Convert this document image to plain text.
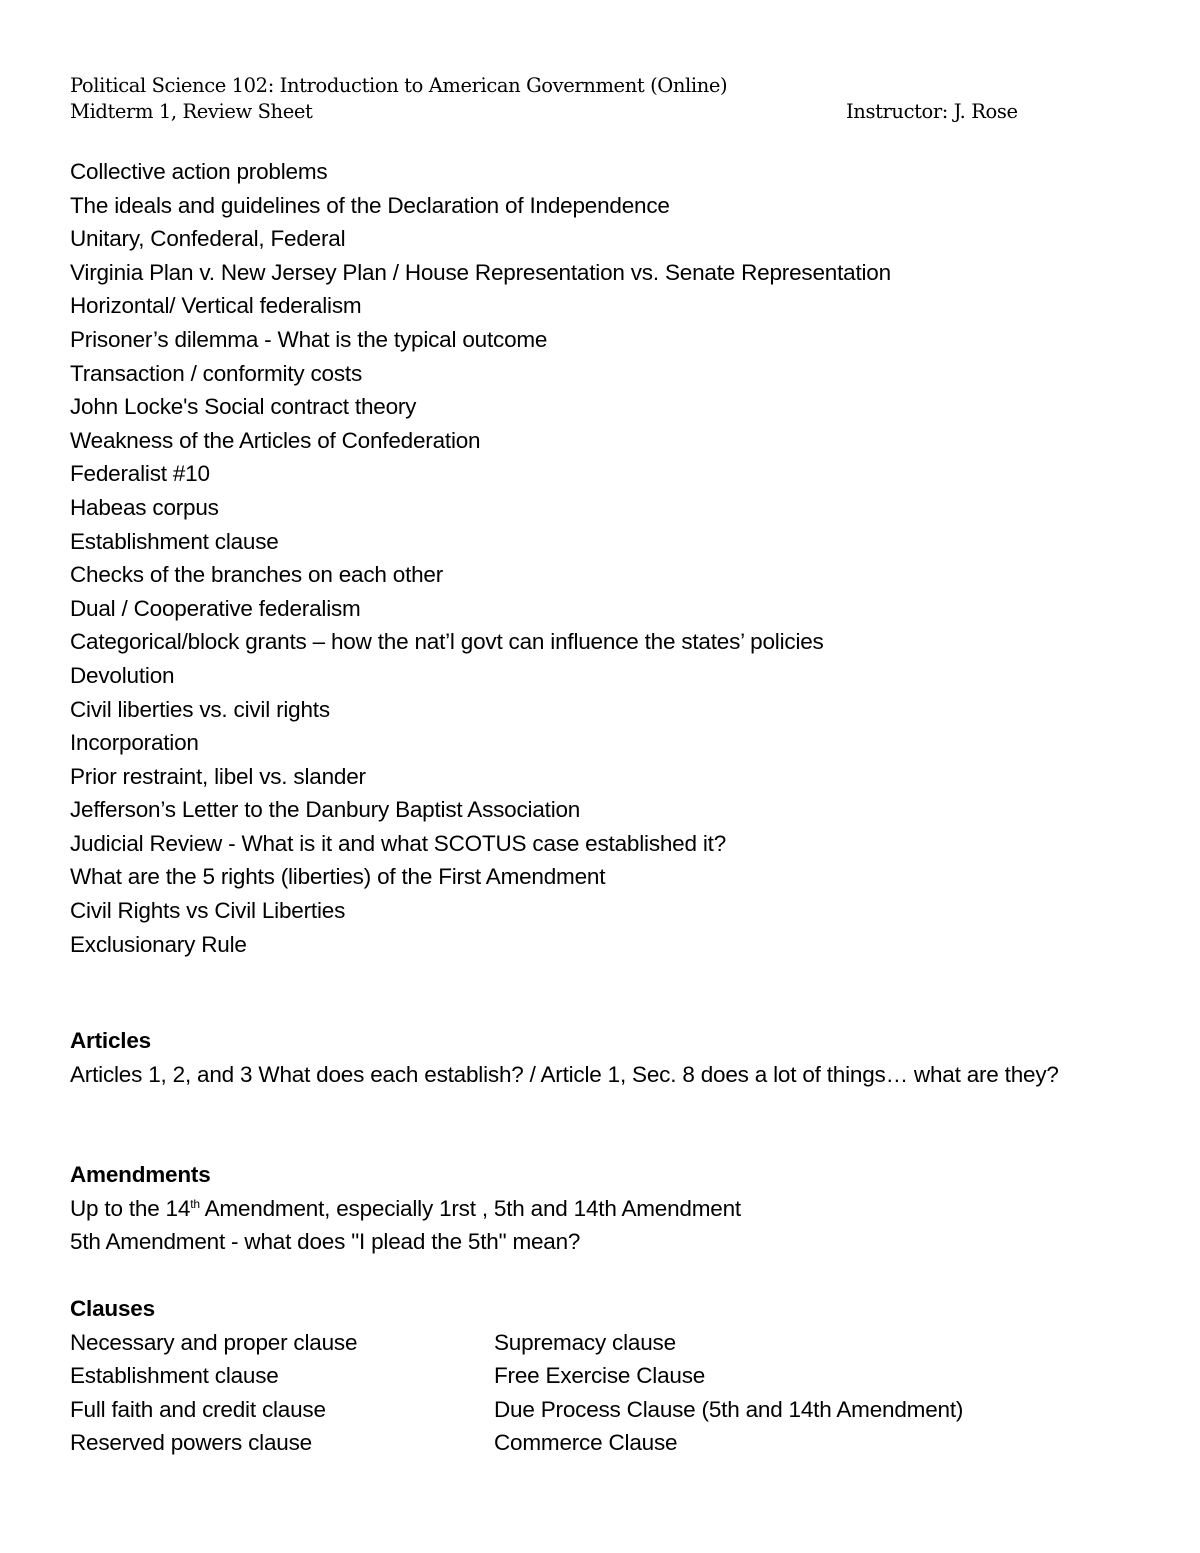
Political Science 102: Introduction to American Government (Online)
Midterm 1, Review Sheet	Instructor: J. Rose
Collective action problems
The ideals and guidelines of the Declaration of Independence
Unitary, Confederal, Federal
Virginia Plan v. New Jersey Plan / House Representation vs. Senate Representation
Horizontal/ Vertical federalism
Prisoner’s dilemma - What is the typical outcome
Transaction / conformity costs
John Locke's Social contract theory
Weakness of the Articles of Confederation
Federalist #10
Habeas corpus
Establishment clause
Checks of the branches on each other
Dual / Cooperative federalism
Categorical/block grants – how the nat’l govt can influence the states’ policies
Devolution
Civil liberties vs. civil rights
Incorporation
Prior restraint, libel vs. slander
Jefferson’s Letter to the Danbury Baptist Association
Judicial Review - What is it and what SCOTUS case established it?
What are the 5 rights (liberties) of the First Amendment
Civil Rights vs Civil Liberties
Exclusionary Rule
Articles
Articles 1, 2, and 3 What does each establish? / Article 1, Sec. 8 does a lot of things… what are they?
Amendments
Up to the 14th Amendment, especially 1rst , 5th and 14th Amendment
5th Amendment - what does "I plead the 5th" mean?
Clauses
Necessary and proper clause	Supremacy clause
Establishment clause	Free Exercise Clause
Full faith and credit clause	Due Process Clause (5th and 14th Amendment)
Reserved powers clause	Commerce Clause
